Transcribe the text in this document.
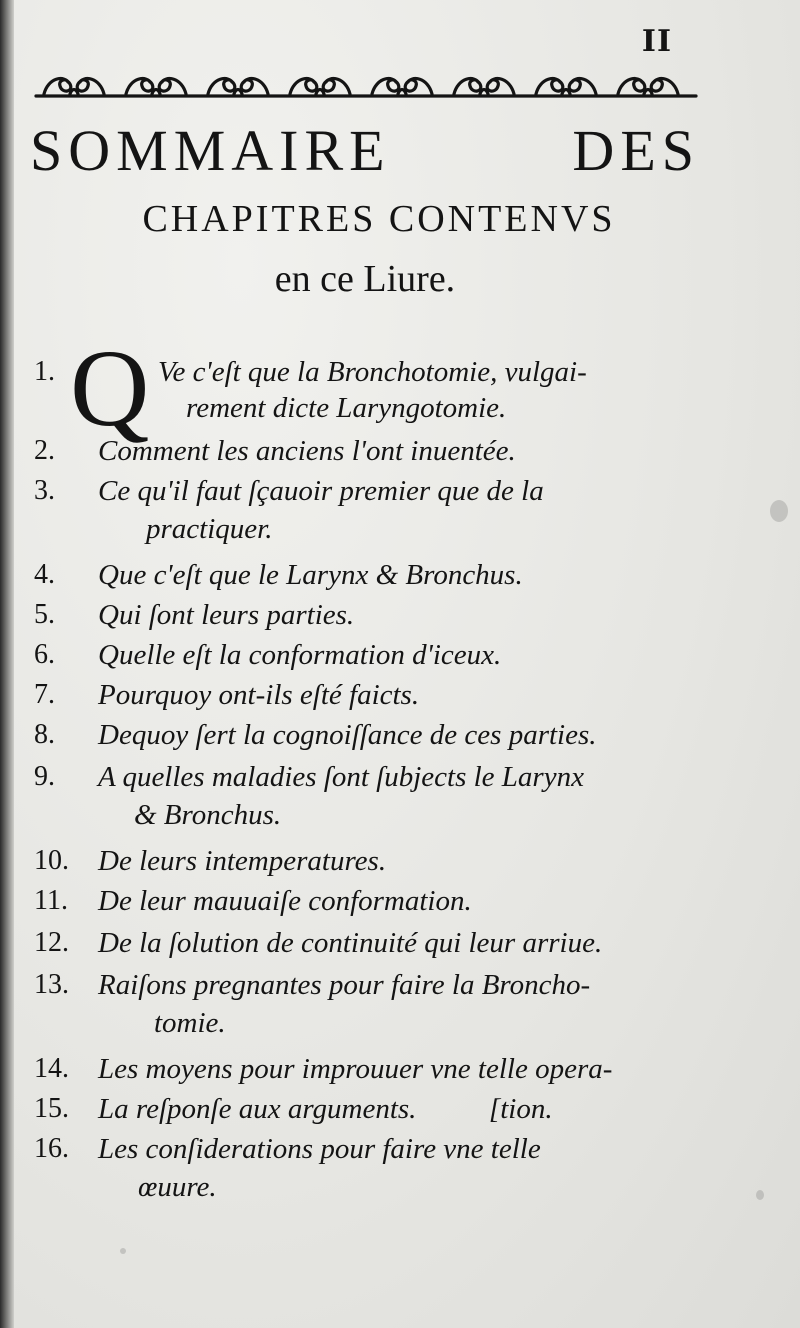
II
SOMMAIRE DES
CHAPITRES CONTENVS
en ce Liure.
1. Q Ve c'eſt que la Bronchotomie, vulgai-
rement dicte Laryngotomie.
2. Comment les anciens l'ont inuentée.
3. Ce qu'il faut ſçauoir premier que de la
practiquer.
4. Que c'eſt que le Larynx & Bronchus.
5. Qui ſont leurs parties.
6. Quelle eſt la conformation d'iceux.
7. Pourquoy ont-ils eſté faicts.
8. Dequoy ſert la cognoiſſance de ces parties.
9. A quelles maladies ſont ſubjects le Larynx
& Bronchus.
10. De leurs intemperatures.
11. De leur mauuaiſe conformation.
12. De la ſolution de continuité qui leur arriue.
13. Raiſons pregnantes pour faire la Broncho-
tomie.
14. Les moyens pour improuuer vne telle opera-
15. La reſponſe aux arguments.          [tion.
16. Les conſiderations pour faire vne telle
œuure.
